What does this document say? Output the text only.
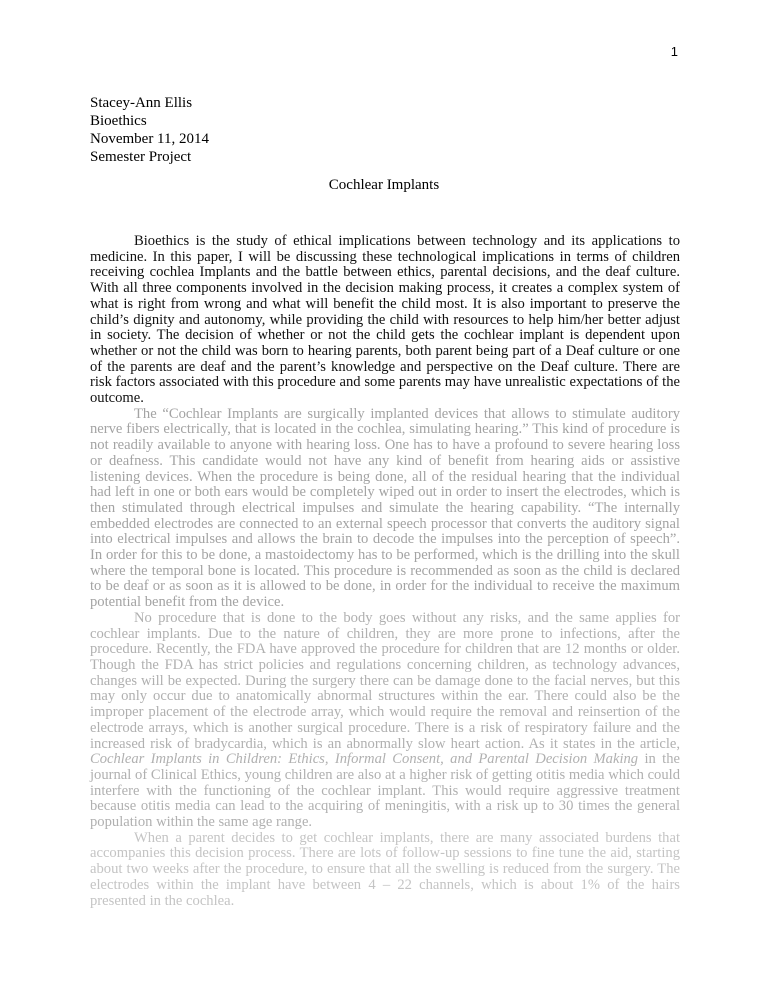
1
Stacey-Ann Ellis
Bioethics
November 11, 2014
Semester Project
Cochlear Implants

Bioethics is the study of ethical implications between technology and its applications to medicine. In this paper, I will be discussing these technological implications in terms of children receiving cochlea Implants and the battle between ethics, parental decisions, and the deaf culture. With all three components involved in the decision making process, it creates a complex system of what is right from wrong and what will benefit the child most. It is also important to preserve the child’s dignity and autonomy, while providing the child with resources to help him/her better adjust in society. The decision of whether or not the child gets the cochlear implant is dependent upon whether or not the child was born to hearing parents, both parent being part of a Deaf culture or one of the parents are deaf and the parent’s knowledge and perspective on the Deaf culture. There are risk factors associated with this procedure and some parents may have unrealistic expectations of the outcome.

The “Cochlear Implants are surgically implanted devices that allows to stimulate auditory nerve fibers electrically, that is located in the cochlea, simulating hearing.” This kind of procedure is not readily available to anyone with hearing loss. One has to have a profound to severe hearing loss or deafness. This candidate would not have any kind of benefit from hearing aids or assistive listening devices. When the procedure is being done, all of the residual hearing that the individual had left in one or both ears would be completely wiped out in order to insert the electrodes, which is then stimulated through electrical impulses and simulate the hearing capability. “The internally embedded electrodes are connected to an external speech processor that converts the auditory signal into electrical impulses and allows the brain to decode the impulses into the perception of speech”. In order for this to be done, a mastoidectomy has to be performed, which is the drilling into the skull where the temporal bone is located. This procedure is recommended as soon as the child is declared to be deaf or as soon as it is allowed to be done, in order for the individual to receive the maximum potential benefit from the device.

No procedure that is done to the body goes without any risks, and the same applies for cochlear implants. Due to the nature of children, they are more prone to infections, after the procedure. Recently, the FDA have approved the procedure for children that are 12 months or older. Though the FDA has strict policies and regulations concerning children, as technology advances, changes will be expected. During the surgery there can be damage done to the facial nerves, but this may only occur due to anatomically abnormal structures within the ear. There could also be the improper placement of the electrode array, which would require the removal and reinsertion of the electrode arrays, which is another surgical procedure. There is a risk of respiratory failure and the increased risk of bradycardia, which is an abnormally slow heart action. As it states in the article, Cochlear Implants in Children: Ethics, Informal Consent, and Parental Decision Making in the journal of Clinical Ethics, young children are also at a higher risk of getting otitis media which could interfere with the functioning of the cochlear implant. This would require aggressive treatment because otitis media can lead to the acquiring of meningitis, with a risk up to 30 times the general population within the same age range.

When a parent decides to get cochlear implants, there are many associated burdens that accompanies this decision process. There are lots of follow-up sessions to fine tune the aid, starting about two weeks after the procedure, to ensure that all the swelling is reduced from the surgery. The electrodes within the implant have between 4 – 22 channels, which is about 1% of the hairs presented in the cochlea.
